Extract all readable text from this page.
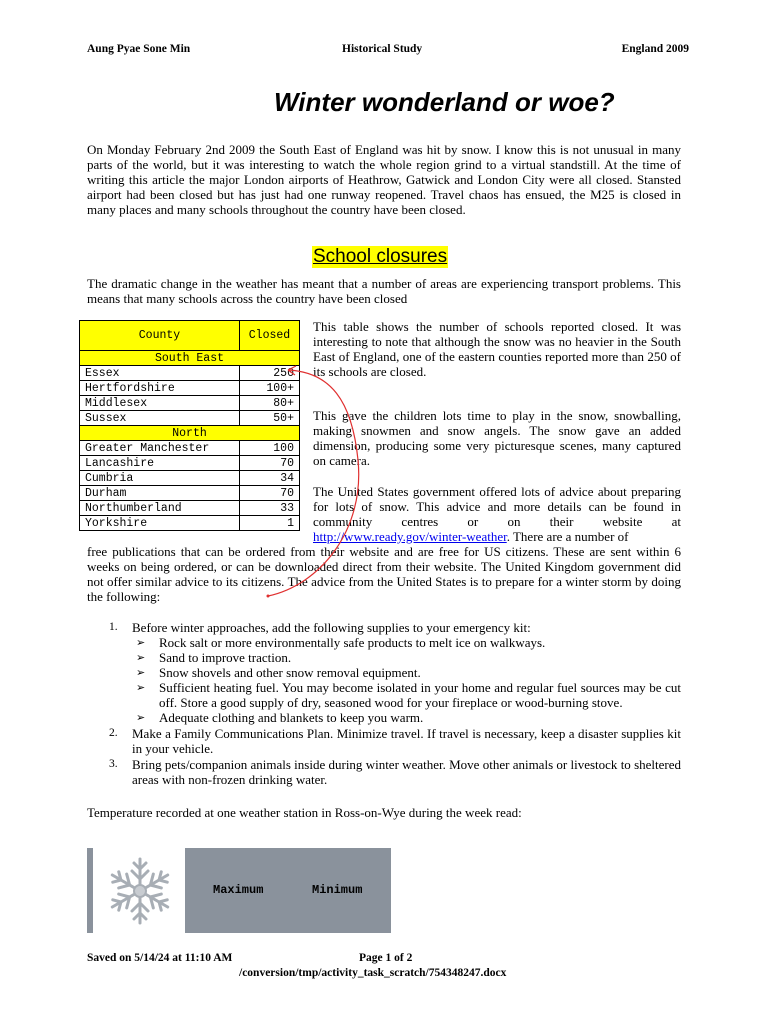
Aung Pyae Sone Min	Historical Study	England 2009
Winter wonderland or woe?

On Monday February 2nd 2009 the South East of England was hit by snow. I know this is not unusual in many parts of the world, but it was interesting to watch the whole region grind to a virtual standstill. At the time of writing this article the major London airports of Heathrow, Gatwick and London City were all closed. Stansted airport had been closed but has just had one runway reopened. Travel chaos has ensued, the M25 is closed in many places and many schools throughout the country have been closed.

School closures

The dramatic change in the weather has meant that a number of areas are experiencing transport problems. This means that many schools across the country have been closed

County	Closed
South East	
Essex	250
Hertfordshire	100+
Middlesex	80+
Sussex	50+
North	
Greater Manchester	100
Lancashire	70
Cumbria	34
Durham	70
Northumberland	33
Yorkshire	1

This table shows the number of schools reported closed. It was interesting to note that although the snow was no heavier in the South East of England, one of the eastern counties reported more than 250 of its schools are closed.

This gave the children lots time to play in the snow, snowballing, making snowmen and snow angels. The snow gave an added dimension, producing some very picturesque scenes, many captured on camera.

The United States government offered lots of advice about preparing for lots of snow. This advice and more details can be found in community centres or on their website at http://www.ready.gov/winter-weather. There are a number of

free publications that can be ordered from their website and are free for US citizens. These are sent within 6 weeks on being ordered, or can be downloaded direct from their website. The United Kingdom government did not offer similar advice to its citizens. The advice from the United States is to prepare for a winter storm by doing the following:

1. Before winter approaches, add the following supplies to your emergency kit:
➢ Rock salt or more environmentally safe products to melt ice on walkways.
➢ Sand to improve traction.
➢ Snow shovels and other snow removal equipment.
➢ Sufficient heating fuel. You may become isolated in your home and regular fuel sources may be cut off. Store a good supply of dry, seasoned wood for your fireplace or wood-burning stove.
➢ Adequate clothing and blankets to keep you warm.
2. Make a Family Communications Plan. Minimize travel. If travel is necessary, keep a disaster supplies kit in your vehicle.
3. Bring pets/companion animals inside during winter weather. Move other animals or livestock to sheltered areas with non-frozen drinking water.

Temperature recorded at one weather station in Ross-on-Wye during the week read:

Maximum	Minimum
Saved on 5/14/24 at 11:10 AM	Page 1 of 2
/conversion/tmp/activity_task_scratch/754348247.docx
